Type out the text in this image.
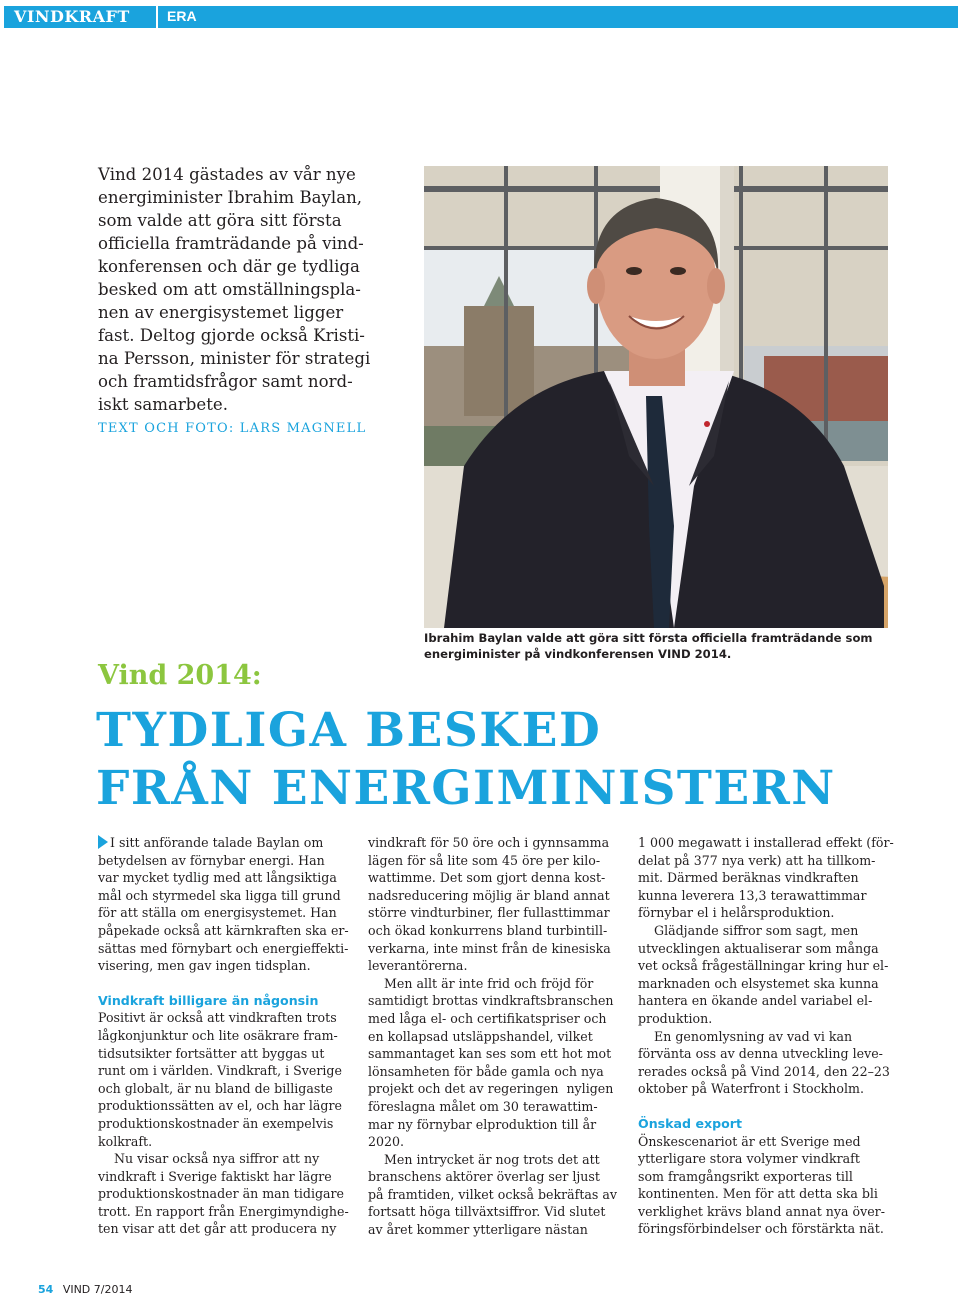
VINDKRAFT	ERA
Vind 2014 gästades av vår nye
energiminister Ibrahim Baylan,
som valde att göra sitt första
officiella framträdande på vind-
konferensen och där ge tydliga
besked om att omställningspla-
nen av energisystemet ligger
fast. Deltog gjorde också Kristi-
na Persson, minister för strategi
och framtidsfrågor samt nord-
iskt samarbete.
TEXT OCH FOTO: LARS MAGNELL
Ibrahim Baylan valde att göra sitt första officiella framträdande som
energiminister på vindkonferensen VIND 2014.
Vind 2014:
TYDLIGA BESKED
FRÅN ENERGIMINISTERN
I sitt anförande talade Baylan om
betydelsen av förnybar energi. Han
var mycket tydlig med att långsiktiga
mål och styrmedel ska ligga till grund
för att ställa om energisystemet. Han
påpekade också att kärnkraften ska er-
sättas med förnybart och energieffekti-
visering, men gav ingen tidsplan.
Vindkraft billigare än någonsin
Positivt är också att vindkraften trots
lågkonjunktur och lite osäkrare fram-
tidsutsikter fortsätter att byggas ut
runt om i världen. Vindkraft, i Sverige
och globalt, är nu bland de billigaste
produktionssätten av el, och har lägre
produktionskostnader än exempelvis
kolkraft.
Nu visar också nya siffror att ny
vindkraft i Sverige faktiskt har lägre
produktionskostnader än man tidigare
trott. En rapport från Energimyndighe-
ten visar att det går att producera ny
vindkraft för 50 öre och i gynnsamma
lägen för så lite som 45 öre per kilo-
wattimme. Det som gjort denna kost-
nadsreducering möjlig är bland annat
större vindturbiner, fler fullasttimmar
och ökad konkurrens bland turbintill-
verkarna, inte minst från de kinesiska
leverantörerna.
Men allt är inte frid och fröjd för
samtidigt brottas vindkraftsbranschen
med låga el- och certifikatspriser och
en kollapsad utsläppshandel, vilket
sammantaget kan ses som ett hot mot
lönsamheten för både gamla och nya
projekt och det av regeringen  nyligen
föreslagna målet om 30 terawattim-
mar ny förnybar elproduktion till år
2020.
Men intrycket är nog trots det att
branschens aktörer överlag ser ljust
på framtiden, vilket också bekräftas av
fortsatt höga tillväxtsiffror. Vid slutet
av året kommer ytterligare nästan
1 000 megawatt i installerad effekt (för-
delat på 377 nya verk) att ha tillkom-
mit. Därmed beräknas vindkraften
kunna leverera 13,3 terawattimmar
förnybar el i helårsproduktion.
Glädjande siffror som sagt, men
utvecklingen aktualiserar som många
vet också frågeställningar kring hur el-
marknaden och elsystemet ska kunna
hantera en ökande andel variabel el-
produktion.
En genomlysning av vad vi kan
förvänta oss av denna utveckling leve-
rerades också på Vind 2014, den 22–23
oktober på Waterfront i Stockholm.
Önskad export
Önskescenariot är ett Sverige med
ytterligare stora volymer vindkraft
som framgångsrikt exporteras till
kontinenten. Men för att detta ska bli
verklighet krävs bland annat nya över-
föringsförbindelser och förstärkta nät.
54 VIND 7/2014
